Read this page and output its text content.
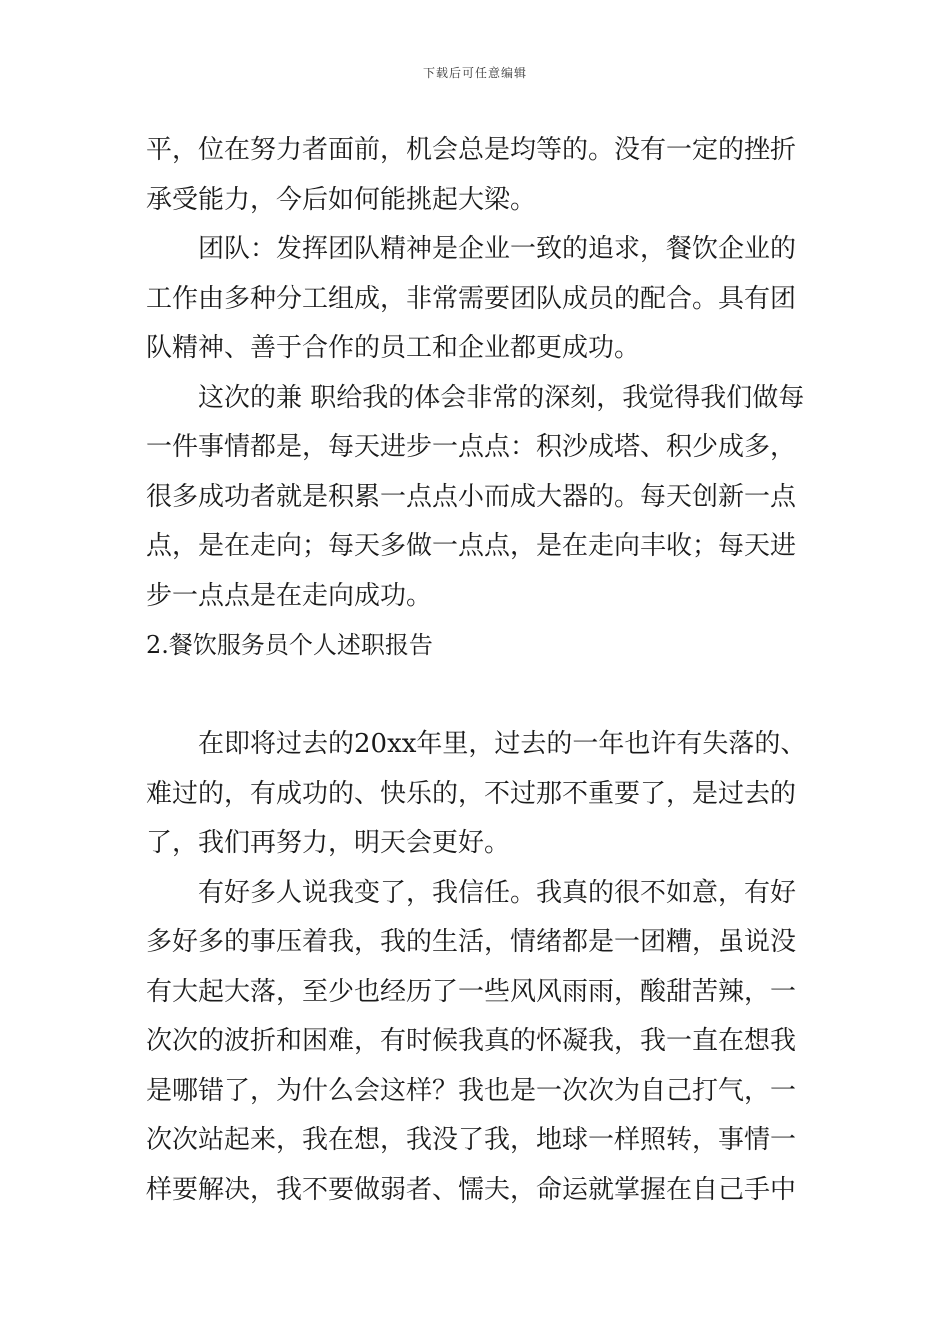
下载后可任意编辑
平，位在努力者面前，机会总是均等的。没有一定的挫折
承受能力，今后如何能挑起大梁。
团队：发挥团队精神是企业一致的追求，餐饮企业的
工作由多种分工组成，非常需要团队成员的配合。具有团
队精神、善于合作的员工和企业都更成功。
这次的兼 职给我的体会非常的深刻，我觉得我们做每
一件事情都是，每天进步一点点：积沙成塔、积少成多，
很多成功者就是积累一点点小而成大器的。每天创新一点
点，是在走向；每天多做一点点，是在走向丰收；每天进
步一点点是在走向成功。
2.餐饮服务员个人述职报告
在即将过去的20xx年里，过去的一年也许有失落的、
难过的，有成功的、快乐的，不过那不重要了，是过去的
了，我们再努力，明天会更好。
有好多人说我变了，我信任。我真的很不如意，有好
多好多的事压着我，我的生活，情绪都是一团糟，虽说没
有大起大落，至少也经历了一些风风雨雨，酸甜苦辣，一
次次的波折和困难，有时候我真的怀凝我，我一直在想我
是哪错了，为什么会这样？我也是一次次为自己打气，一
次次站起来，我在想，我没了我，地球一样照转，事情一
样要解决，我不要做弱者、懦夫，命运就掌握在自己手中
